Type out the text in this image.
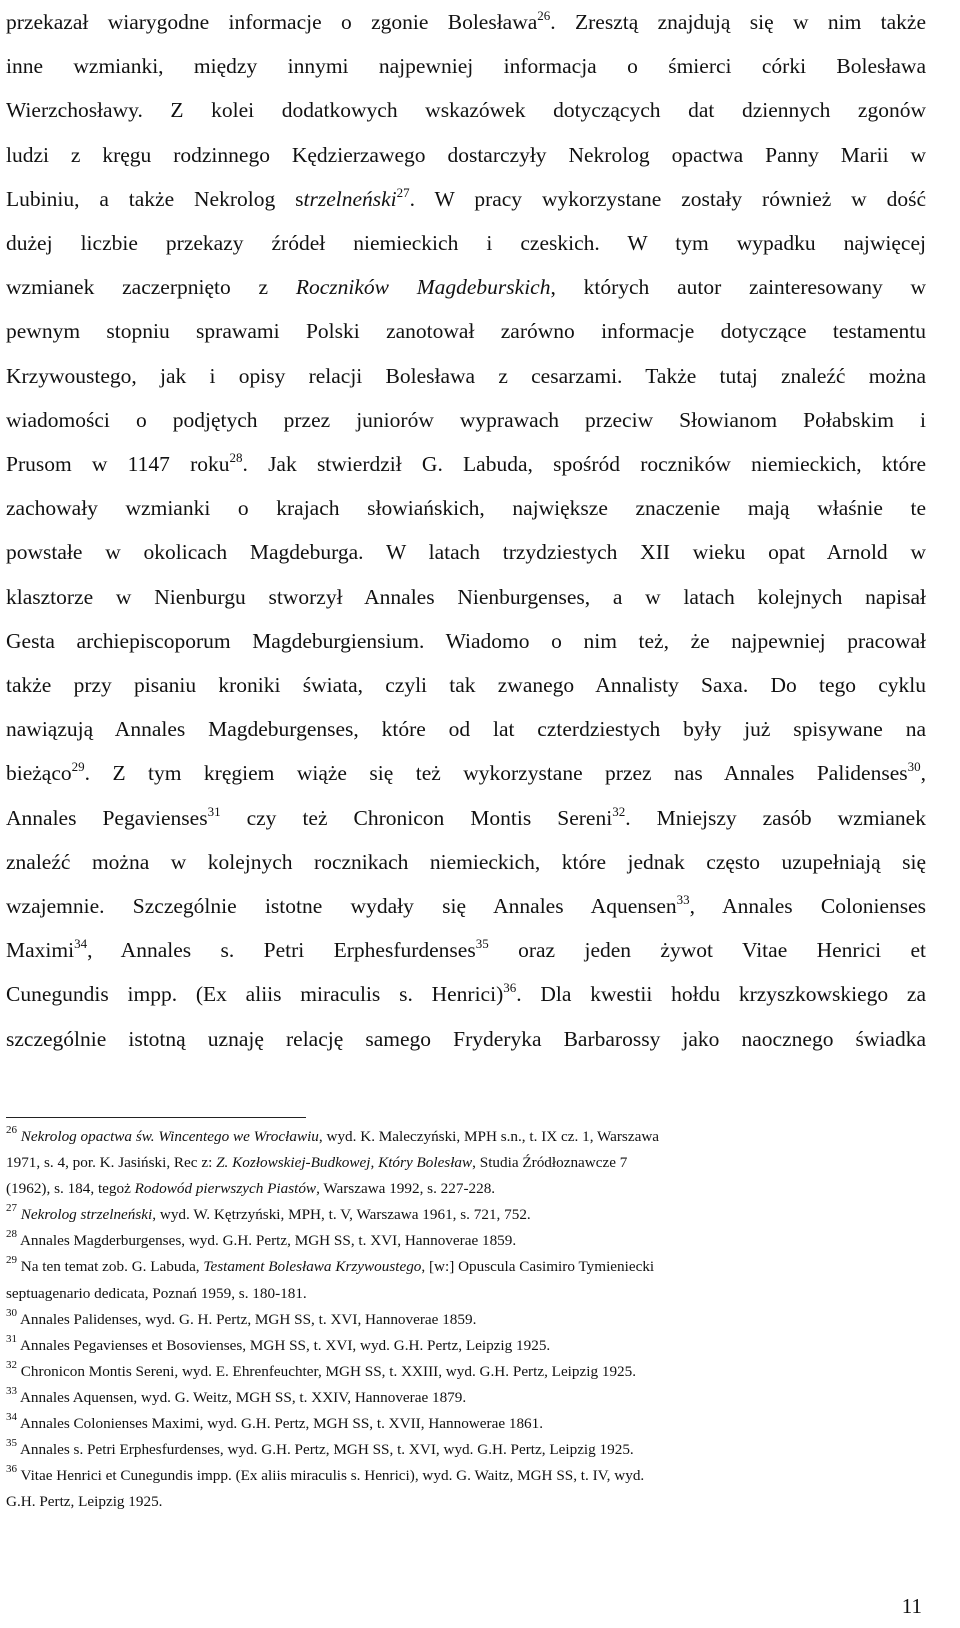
przekazał wiarygodne informacje o zgonie Bolesława$^{26}$. Zresztą znajdują się w nim także
inne wzmianki, między innymi najpewniej informacja o śmierci córki Bolesława
Wierzchosławy. Z kolei dodatkowych wskazówek dotyczących dat dziennych zgonów
ludzi z kręgu rodzinnego Kędzierzawego dostarczyły Nekrolog opactwa Panny Marii w
Lubiniu, a także Nekrolog strzelneński$^{27}$. W pracy wykorzystane zostały również w dość
dużej liczbie przekazy źródeł niemieckich i czeskich. W tym wypadku najwięcej
wzmianek zaczerpnięto z Roczników Magdeburskich, których autor zainteresowany w
pewnym stopniu sprawami Polski zanotował zarówno informacje dotyczące testamentu
Krzywoustego, jak i opisy relacji Bolesława z cesarzami. Także tutaj znaleźć można
wiadomości o podjętych przez juniorów wyprawach przeciw Słowianom Połabskim i
Prusom w 1147 roku$^{28}$. Jak stwierdził G. Labuda, spośród roczników niemieckich, które
zachowały wzmianki o krajach słowiańskich, największe znaczenie mają właśnie te
powstałe w okolicach Magdeburga. W latach trzydziestych XII wieku opat Arnold w
klasztorze w Nienburgu stworzył Annales Nienburgenses, a w latach kolejnych napisał
Gesta archiepiscoporum Magdeburgiensium. Wiadomo o nim też, że najpewniej pracował
także przy pisaniu kroniki świata, czyli tak zwanego Annalisty Saxa. Do tego cyklu
nawiązują Annales Magdeburgenses, które od lat czterdziestych były już spisywane na
bieżąco$^{29}$. Z tym kręgiem wiąże się też wykorzystane przez nas Annales Palidenses$^{30}$,
Annales Pegavienses$^{31}$ czy też Chronicon Montis Sereni$^{32}$. Mniejszy zasób wzmianek
znaleźć można w kolejnych rocznikach niemieckich, które jednak często uzupełniają się
wzajemnie. Szczególnie istotne wydały się Annales Aquensen$^{33}$, Annales Colonienses
Maximi$^{34}$, Annales s. Petri Erphesfurdenses$^{35}$ oraz jeden żywot Vitae Henrici et
Cunegundis impp. (Ex aliis miraculis s. Henrici)$^{36}$. Dla kwestii hołdu krzyszkowskiego za
szczególnie istotną uznaję relację samego Fryderyka Barbarossy jako naocznego świadka
$^{26}$ Nekrolog opactwa św. Wincentego we Wrocławiu, wyd. K. Maleczyński, MPH s.n., t. IX cz. 1, Warszawa
1971, s. 4, por. K. Jasiński, Rec z: Z. Kozłowskiej-Budkowej, Który Bolesław, Studia Źródłoznawcze 7
(1962), s. 184, tegoż Rodowód pierwszych Piastów, Warszawa 1992, s. 227-228.
$^{27}$ Nekrolog strzelneński, wyd. W. Kętrzyński, MPH, t. V, Warszawa 1961, s. 721, 752.
$^{28}$ Annales Magderburgenses, wyd. G.H. Pertz, MGH SS, t. XVI, Hannoverae 1859.
$^{29}$ Na ten temat zob. G. Labuda, Testament Bolesława Krzywoustego, [w:] Opuscula Casimiro Tymieniecki
septuagenario dedicata, Poznań 1959, s. 180-181.
$^{30}$ Annales Palidenses, wyd. G. H. Pertz, MGH SS, t. XVI, Hannoverae 1859.
$^{31}$ Annales Pegavienses et Bosovienses, MGH SS, t. XVI, wyd. G.H. Pertz, Leipzig 1925.
$^{32}$ Chronicon Montis Sereni, wyd. E. Ehrenfeuchter, MGH SS, t. XXIII, wyd. G.H. Pertz, Leipzig 1925.
$^{33}$ Annales Aquensen, wyd. G. Weitz, MGH SS, t. XXIV, Hannoverae 1879.
$^{34}$ Annales Colonienses Maximi, wyd. G.H. Pertz, MGH SS, t. XVII, Hannowerae 1861.
$^{35}$ Annales s. Petri Erphesfurdenses, wyd. G.H. Pertz, MGH SS, t. XVI, wyd. G.H. Pertz, Leipzig 1925.
$^{36}$ Vitae Henrici et Cunegundis impp. (Ex aliis miraculis s. Henrici), wyd. G. Waitz, MGH SS, t. IV, wyd.
G.H. Pertz, Leipzig 1925.
11
